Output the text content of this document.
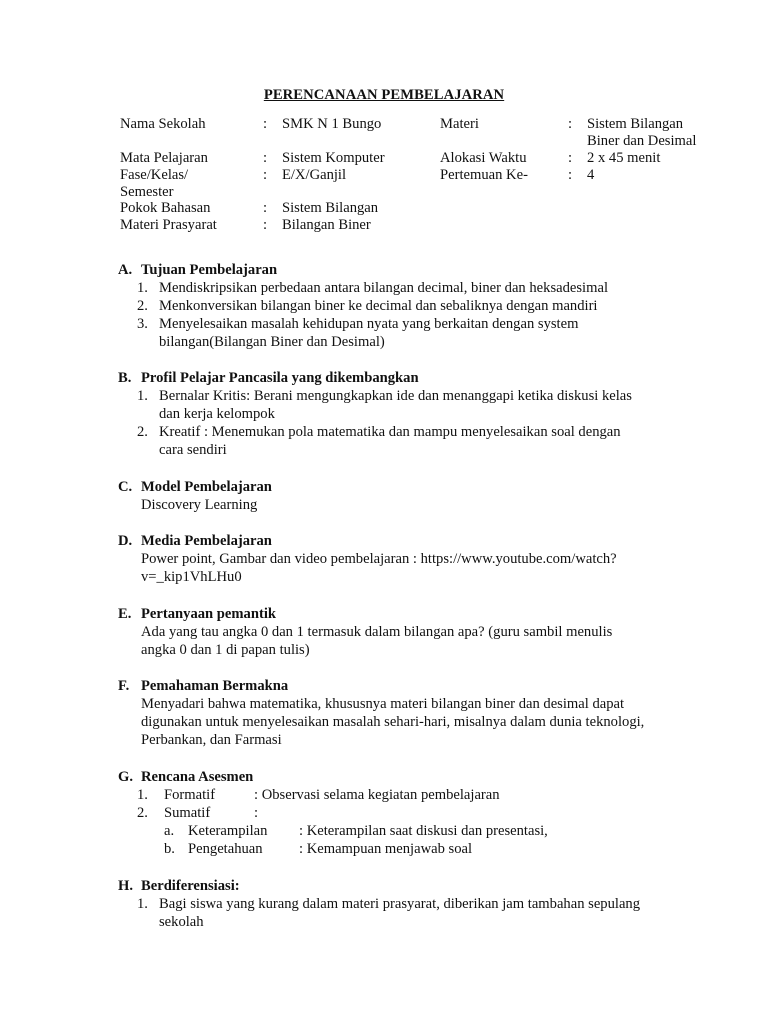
PERENCANAAN PEMBELAJARAN
Nama Sekolah	: SMK N 1 Bungo
Mata Pelajaran	: Sistem Komputer
Fase/Kelas/
Semester
: E/X/Ganjil
Pokok Bahasan	: Sistem Bilangan
Materi Prasyarat	: Bilangan Biner
Materi	: Sistem Bilangan
Biner dan Desimal
Alokasi Waktu	: 2 x 45 menit
Pertemuan Ke-	: 4
A. Tujuan Pembelajaran
1. Mendiskripsikan perbedaan antara bilangan decimal, biner dan heksadesimal
2. Menkonversikan bilangan biner ke decimal dan sebaliknya dengan mandiri
3. Menyelesaikan masalah kehidupan nyata yang berkaitan dengan system
bilangan(Bilangan Biner dan Desimal)
B. Profil Pelajar Pancasila yang dikembangkan
1. Bernalar Kritis: Berani mengungkapkan ide dan menanggapi ketika diskusi kelas
dan kerja kelompok
2. Kreatif : Menemukan pola matematika dan mampu menyelesaikan soal dengan
cara sendiri
C. Model Pembelajaran
Discovery Learning
D. Media Pembelajaran
Power point, Gambar dan video pembelajaran : https://www.youtube.com/watch?
v=_kip1VhLHu0
E. Pertanyaan pemantik
Ada yang tau angka 0 dan 1 termasuk dalam bilangan apa? (guru sambil menulis
angka 0 dan 1 di papan tulis)
F. Pemahaman Bermakna
Menyadari bahwa matematika, khususnya materi bilangan biner dan desimal dapat
digunakan untuk menyelesaikan masalah sehari-hari, misalnya dalam dunia teknologi,
Perbankan, dan Farmasi
G. Rencana Asesmen
1. Formatif	: Observasi selama kegiatan pembelajaran
2. Sumatif	:
a. Keterampilan : Keterampilan saat diskusi dan presentasi,
b. Pengetahuan : Kemampuan menjawab soal
H. Berdiferensiasi:
1. Bagi siswa yang kurang dalam materi prasyarat, diberikan jam tambahan sepulang
sekolah
